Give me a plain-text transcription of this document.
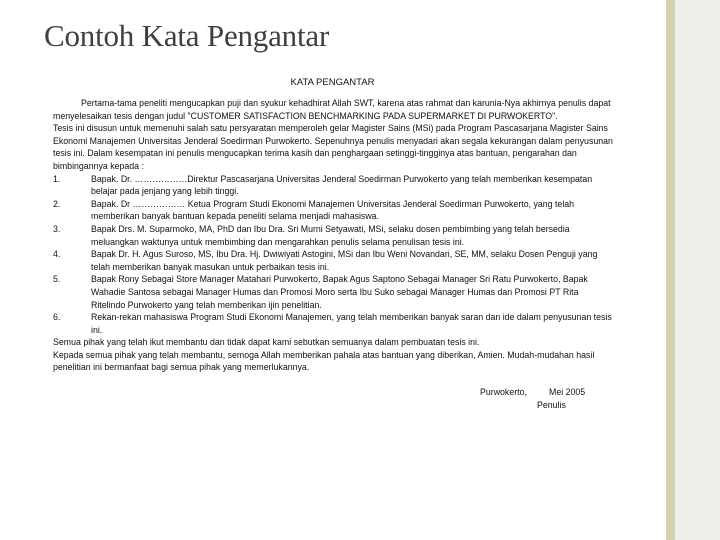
Contoh Kata Pengantar
KATA PENGANTAR

Pertama-tama peneliti mengucapkan puji dan syukur kehadhirat Allah SWT, karena atas rahmat dan karunia-Nya akhirnya penulis dapat menyelesaikan tesis dengan judul "CUSTOMER SATISFACTION BENCHMARKING PADA SUPERMARKET DI PURWOKERTO".

Tesis ini disusun untuk memenuhi salah satu persyaratan memperoleh gelar Magister Sains (MSi) pada Program Pascasarjana Magister Sains Ekonomi Manajemen Universitas Jenderal Soedirman Purwokerto. Sepenuhnya penulis menyadari akan segala kekurangan dalam penyusunan tesis ini. Dalam kesempatan ini penulis mengucapkan terima kasih dan penghargaan setinggi-tingginya atas bantuan, pengarahan dan bimbingannya kepada :

1.	Bapak. Dr. ………………Direktur Pascasarjana Universitas Jenderal Soedirman Purwokerto yang telah memberikan kesempatan belajar pada jenjang yang lebih tinggi.
2.	Bapak. Dr ……………… Ketua Program Studi Ekonomi Manajemen Universitas Jenderal Soedirman Purwokerto, yang telah memberikan banyak bantuan kepada peneliti selama menjadi mahasiswa.
3.	Bapak Drs. M. Suparmoko, MA, PhD dan Ibu Dra. Sri Murni Setyawati, MSi, selaku dosen pembimbing yang telah bersedia meluangkan waktunya untuk membimbing dan mengarahkan penulis selama penulisan tesis ini.
4.	Bapak Dr. H. Agus Suroso, MS, Ibu Dra. Hj. Dwiwiyati Astogini, MSi dan Ibu Weni Novandari, SE, MM, selaku Dosen Penguji yang telah memberikan banyak masukan untuk perbaikan tesis ini.
5.	Bapak Rony Sebagai Store Manager Matahari Purwokerto, Bapak Agus Saptono Sebagai Manager Sri Ratu Purwokerto, Bapak Wahadie Santosa sebagai Manager Humas dan Promosi Moro serta Ibu Suko sebagai Manager Humas dan Promosi PT Rita Ritelindo Purwokerto yang telah memberikan ijin penelitian.
6.	Rekan-rekan mahasiswa Program Studi Ekonomi Manajemen, yang telah memberikan banyak saran dan ide dalam penyusunan tesis ini.

Semua pihak yang telah ikut membantu dan tidak dapat kami sebutkan semuanya dalam pembuatan tesis ini.

Kepada semua pihak yang telah membantu, semoga Allah memberikan pahala atas bantuan yang diberikan, Amien. Mudah-mudahan hasil penelitian ini bermanfaat bagi semua pihak yang memerlukannya.

Purwokerto,	Mei 2005
Penulis
